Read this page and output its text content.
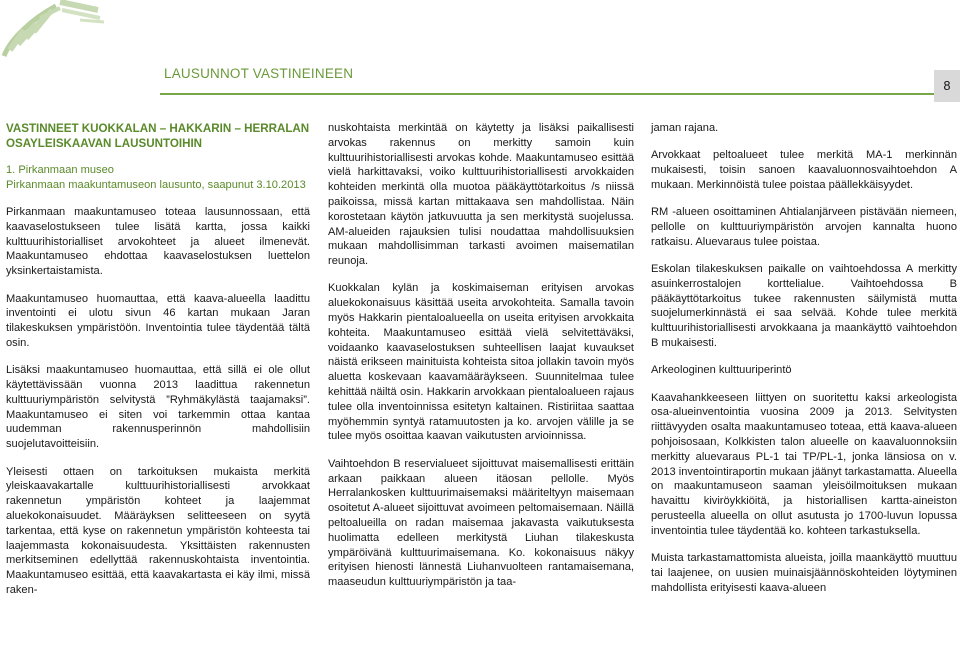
LAUSUNNOT VASTINEINEEN
8
VASTINNEET KUOKKALAN – HAKKARIN – HERRALAN OSAYLEISKAAVAN LAUSUNTOIHIN

1. Pirkanmaan museo
Pirkanmaan maakuntamuseon lausunto, saapunut 3.10.2013

Pirkanmaan maakuntamuseo toteaa lausunnossaan, että kaavaselostukseen tulee lisätä kartta, jossa kaikki kulttuurihistorialliset arvokohteet ja alueet ilmenevät. Maakuntamuseo ehdottaa kaavaselostuksen luettelon yksinkertaistamista.

Maakuntamuseo huomauttaa, että kaava-alueella laadittu inventointi ei ulotu sivun 46 kartan mukaan Jaran tilakeskuksen ympäristöön. Inventointia tulee täydentää tältä osin.

Lisäksi maakuntamuseo huomauttaa, että sillä ei ole ollut käytettävissään vuonna 2013 laadittua rakennetun kulttuuriympäristön selvitystä ”Ryhmäkylästä taajamaksi”. Maakuntamuseo ei siten voi tarkemmin ottaa kantaa uudemman rakennusperinnön mahdollisiin suojelutavoitteisiin.

Yleisesti ottaen on tarkoituksen mukaista merkitä yleiskaavakartalle kulttuurihistoriallisesti arvokkaat rakennetun ympäristön kohteet ja laajemmat aluekokonaisuudet. Määräyksen selitteeseen on syytä tarkentaa, että kyse on rakennetun ympäristön kohteesta tai laajemmasta kokonaisuudesta. Yksittäisten rakennusten merkitseminen edellyttää rakennuskohtaista inventointia. Maakuntamuseo esittää, että kaavakartasta ei käy ilmi, missä raken-

nuskohtaista merkintää on käytetty ja lisäksi paikallisesti arvokas rakennus on merkitty samoin kuin kulttuurihistoriallisesti arvokas kohde. Maakuntamuseo esittää vielä harkittavaksi, voiko kulttuurihistoriallisesti arvokkaiden kohteiden merkintä olla muotoa pääkäyttötarkoitus /s niissä paikoissa, missä kartan mittakaava sen mahdollistaa. Näin korostetaan käytön jatkuvuutta ja sen merkitystä suojelussa. AM-alueiden rajauksien tulisi noudattaa mahdollisuuksien mukaan mahdollisimman tarkasti avoimen maisematilan reunoja.

Kuokkalan kylän ja koskimaiseman erityisen arvokas aluekokonaisuus käsittää useita arvokohteita. Samalla tavoin myös Hakkarin pientaloalueella on useita erityisen arvokkaita kohteita. Maakuntamuseo esittää vielä selvitettäväksi, voidaanko kaavaselostuksen suhteellisen laajat kuvaukset näistä erikseen mainituista kohteista sitoa jollakin tavoin myös aluetta koskevaan kaavamääräykseen. Suunnitelmaa tulee kehittää näiltä osin. Hakkarin arvokkaan pientaloalueen rajaus tulee olla inventoinnissa esitetyn kaltainen. Ristiriitaa saattaa myöhemmin syntyä ratamuutosten ja ko. arvojen välille ja se tulee myös osoittaa kaavan vaikutusten arvioinnissa.

Vaihtoehdon B reservialueet sijoittuvat maisemallisesti erittäin arkaan paikkaan alueen itäosan pellolle. Myös Herralankosken kulttuurimaisemaksi määriteltyyn maisemaan osoitetut A-alueet sijoittuvat avoimeen peltomaisemaan. Näillä peltoalueilla on radan maisemaa jakavasta vaikutuksesta huolimatta edelleen merkitystä Liuhan tilakeskusta ympäröivänä kulttuurimaisemana. Ko. kokonaisuus näkyy erityisen hienosti lännestä Liuhanvuolteen rantamaisemana, maaseudun kulttuuriympäristön ja taa-

jaman rajana.

Arvokkaat peltoalueet tulee merkitä MA-1 merkinnän mukaisesti, toisin sanoen kaavaluonnosvaihtoehdon A mukaan. Merkinnöistä tulee poistaa päällekkäisyydet.

RM -alueen osoittaminen Ahtialanjärveen pistävään niemeen, pellolle on kulttuuriympäristön arvojen kannalta huono ratkaisu. Aluevaraus tulee poistaa.

Eskolan tilakeskuksen paikalle on vaihtoehdossa A merkitty asuinkerrostalojen korttelialue. Vaihtoehdossa B pääkäyttötarkoitus tukee rakennusten säilymistä mutta suojelumerkinnästä ei saa selvää. Kohde tulee merkitä kulttuurihistoriallisesti arvokkaana ja maankäyttö vaihtoehdon B mukaisesti.

Arkeologinen kulttuuriperintö

Kaavahankkeeseen liittyen on suoritettu kaksi arkeologista osa-alueinventointia vuosina 2009 ja 2013. Selvitysten riittävyyden osalta maakuntamuseo toteaa, että kaava-alueen pohjoisosaan, Kolkkisten talon alueelle on kaavaluonnoksiin merkitty aluevaraus PL-1 tai TP/PL-1, jonka länsiosa on v. 2013 inventointiraportin mukaan jäänyt tarkastamatta. Alueella on maakuntamuseon saaman yleisöilmoituksen mukaan havaittu kiviröykkiöitä, ja historiallisen kartta-aineiston perusteella alueella on ollut asutusta jo 1700-luvun lopussa inventointia tulee täydentää ko. kohteen tarkastuksella.

Muista tarkastamattomista alueista, joilla maankäyttö muuttuu tai laajenee, on uusien muinaisjäännöskohteiden löytyminen mahdollista erityisesti kaava-alueen
